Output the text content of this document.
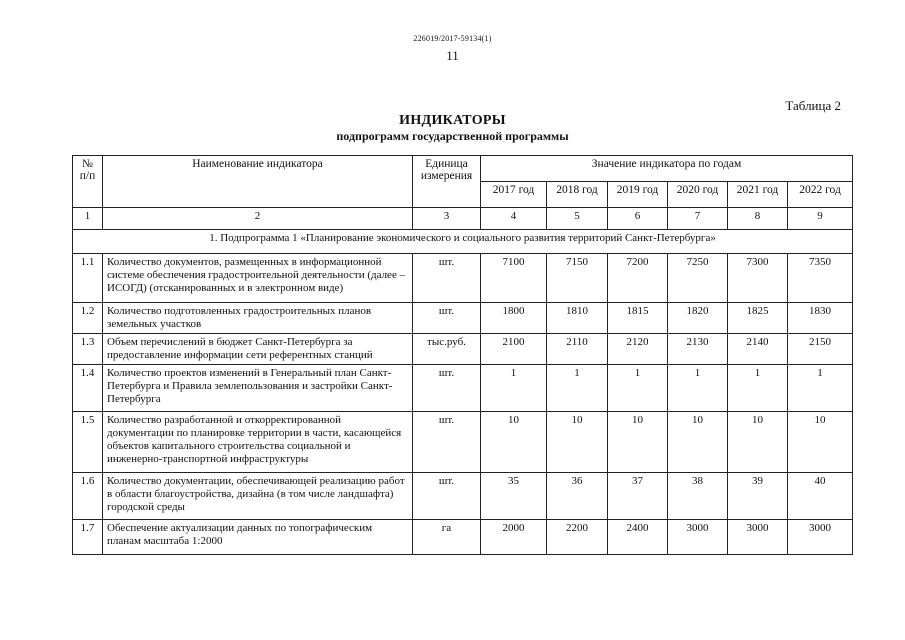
226019/2017-59134(1)
11
Таблица 2
ИНДИКАТОРЫ
подпрограмм государственной программы
№
п/п	Наименование индикатора	Единица измерения	Значение индикатора по годам					
			2017 год	2018 год	2019 год	2020 год	2021 год	2022 год
1	2	3	4	5	6	7	8	9
1. Подпрограмма 1 «Планирование экономического и социального развития территорий Санкт-Петербурга»								
1.1	Количество документов, размещенных в информационной системе обеспечения градостроительной деятельности (далее – ИСОГД) (отсканированных и в электронном виде)	шт.	7100	7150	7200	7250	7300	7350
1.2	Количество подготовленных градостроительных планов земельных участков	шт.	1800	1810	1815	1820	1825	1830
1.3	Объем перечислений в бюджет Санкт-Петербурга за предоставление информации сети референтных станций	тыс.руб.	2100	2110	2120	2130	2140	2150
1.4	Количество проектов изменений в Генеральный план Санкт-Петербурга и Правила землепользования и застройки Санкт-Петербурга	шт.	1	1	1	1	1	1
1.5	Количество разработанной и откорректированной документации по планировке территории в части, касающейся объектов капитального строительства социальной и инженерно-транспортной инфраструктуры	шт.	10	10	10	10	10	10
1.6	Количество документации, обеспечивающей реализацию работ в области благоустройства, дизайна (в том числе ландшафта) городской среды	шт.	35	36	37	38	39	40
1.7	Обеспечение актуализации данных по топографическим планам масштаба 1:2000	га	2000	2200	2400	3000	3000	3000
